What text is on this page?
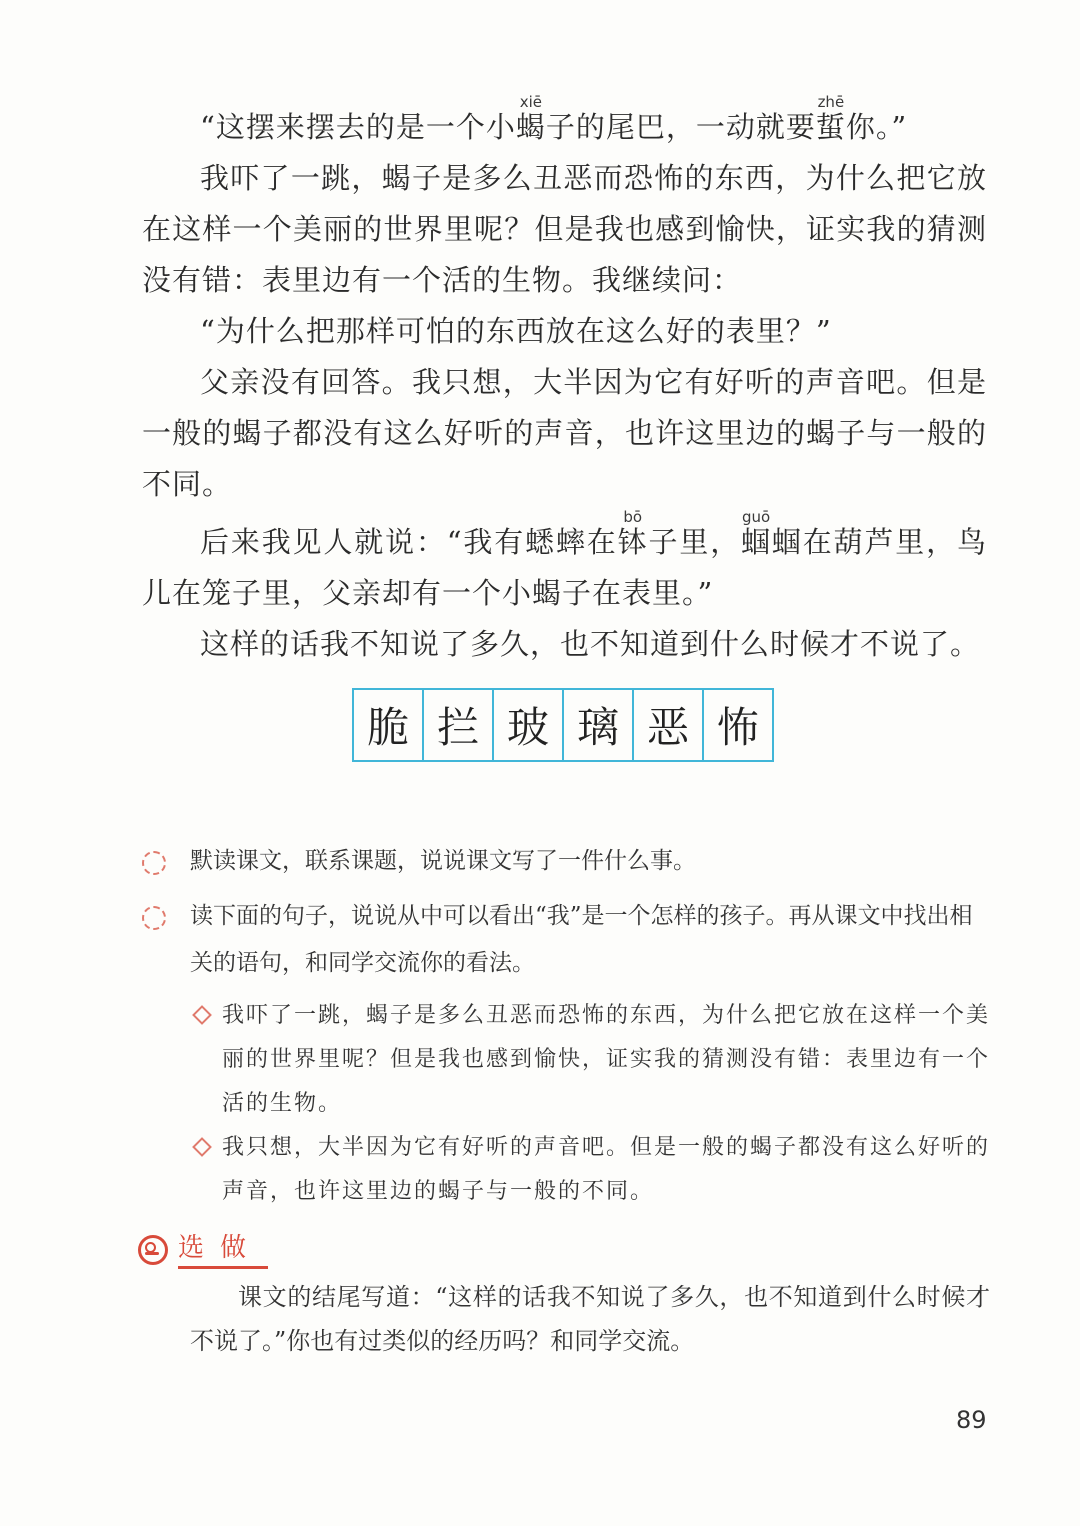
“这摆来摆去的是一个小蝎xiē子的尾巴，一动就要蜇zhē你。”

我吓了一跳，蝎子是多么丑恶而恐怖的东西，为什么把它放在这样一个美丽的世界里呢？但是我也感到愉快，证实我的猜测没有错：表里边有一个活的生物。我继续问：

“为什么把那样可怕的东西放在这么好的表里？”

父亲没有回答。我只想，大半因为它有好听的声音吧。但是一般的蝎子都没有这么好听的声音，也许这里边的蝎子与一般的不同。

后来我见人就说：“我有蟋蟀在钵bō子里，蝈guō蝈在葫芦里，鸟儿在笼子里，父亲却有一个小蝎子在表里。”

这样的话我不知说了多久，也不知道到什么时候才不说了。

脆 拦 玻 璃 恶 怖
默读课文，联系课题，说说课文写了一件什么事。
读下面的句子，说说从中可以看出“我”是一个怎样的孩子。再从课文中找出相关的语句，和同学交流你的看法。
我吓了一跳，蝎子是多么丑恶而恐怖的东西，为什么把它放在这样一个美丽的世界里呢？但是我也感到愉快，证实我的猜测没有错：表里边有一个活的生物。
我只想，大半因为它有好听的声音吧。但是一般的蝎子都没有这么好听的声音，也许这里边的蝎子与一般的不同。
选做
课文的结尾写道：“这样的话我不知说了多久，也不知道到什么时候才不说了。”你也有过类似的经历吗？和同学交流。
89
